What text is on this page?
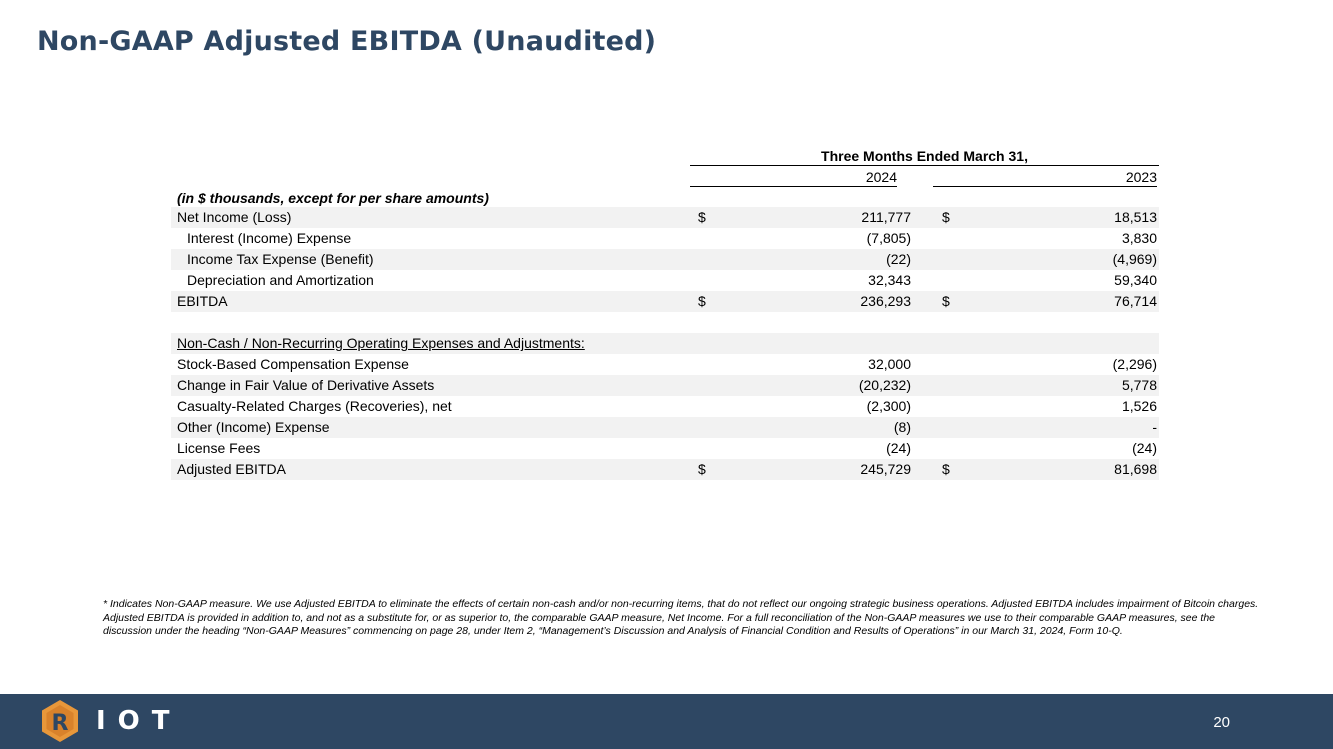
Non-GAAP Adjusted EBITDA (Unaudited)
Three Months Ended March 31,
2024	2023
(in $ thousands, except for per share amounts)
Net Income (Loss)	$	211,777 $	18,513
Interest (Income) Expense	(7,805)	3,830
Income Tax Expense (Benefit)	(22)	(4,969)
Depreciation and Amortization	32,343	59,340
EBITDA	$	236,293 $	76,714
Non-Cash / Non-Recurring Operating Expenses and Adjustments:
Stock-Based Compensation Expense	32,000	(2,296)
Change in Fair Value of Derivative Assets	(20,232)	5,778
Casualty-Related Charges (Recoveries), net	(2,300)	1,526
Other (Income) Expense	(8)	-
License Fees	(24)	(24)
Adjusted EBITDA	$	245,729 $	81,698
* Indicates Non-GAAP measure. We use Adjusted EBITDA to eliminate the effects of certain non-cash and/or non-recurring items, that do not reflect our ongoing strategic business operations. Adjusted EBITDA includes impairment of Bitcoin charges. Adjusted EBITDA is provided in addition to, and not as a substitute for, or as superior to, the comparable GAAP measure, Net Income. For a full reconciliation of the Non-GAAP measures we use to their comparable GAAP measures, see the discussion under the heading “Non-GAAP Measures” commencing on page 28, under Item 2, “Management’s Discussion and Analysis of Financial Condition and Results of Operations” in our March 31, 2024, Form 10-Q.
R IOT	20
